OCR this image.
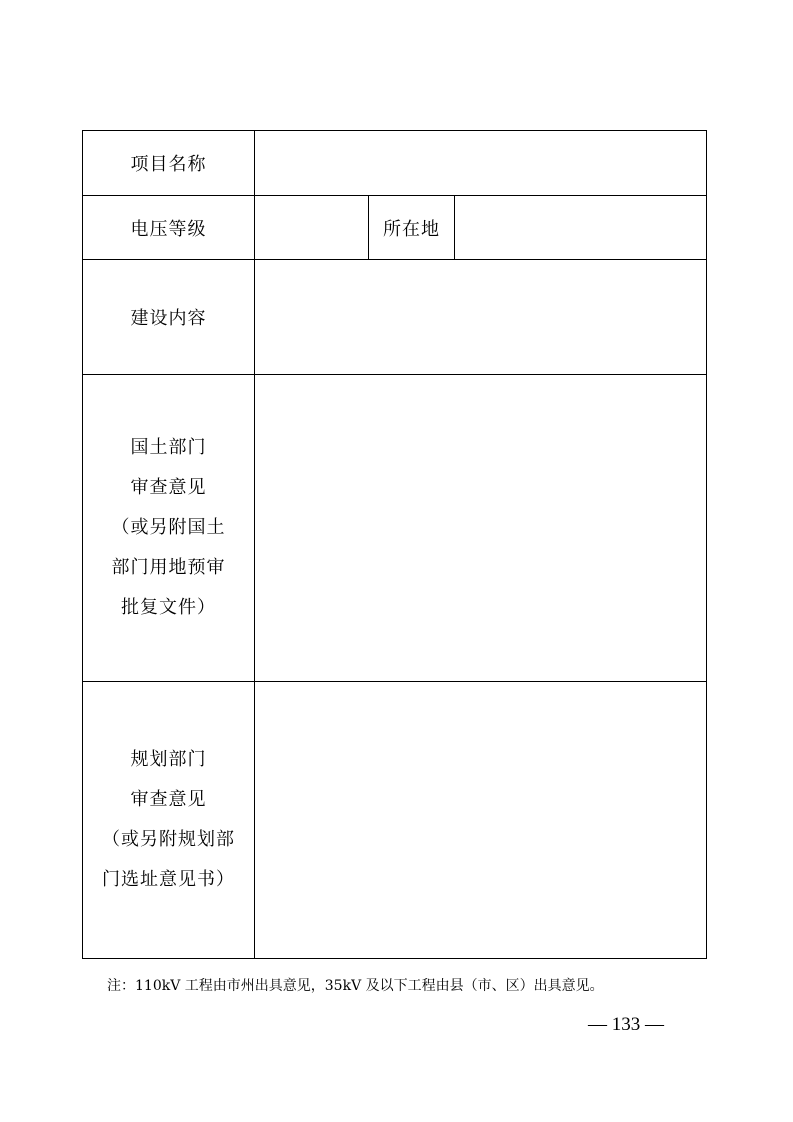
项目名称			
电压等级		所在地	
建设内容			

国土部门
审查意见
（或另附国土
部门用地预审
批复文件）			

规划部门
审查意见
（或另附规划部
门选址意见书）			

注：110kV 工程由市州出具意见，35kV 及以下工程由县（市、区）出具意见。
— 133 —
